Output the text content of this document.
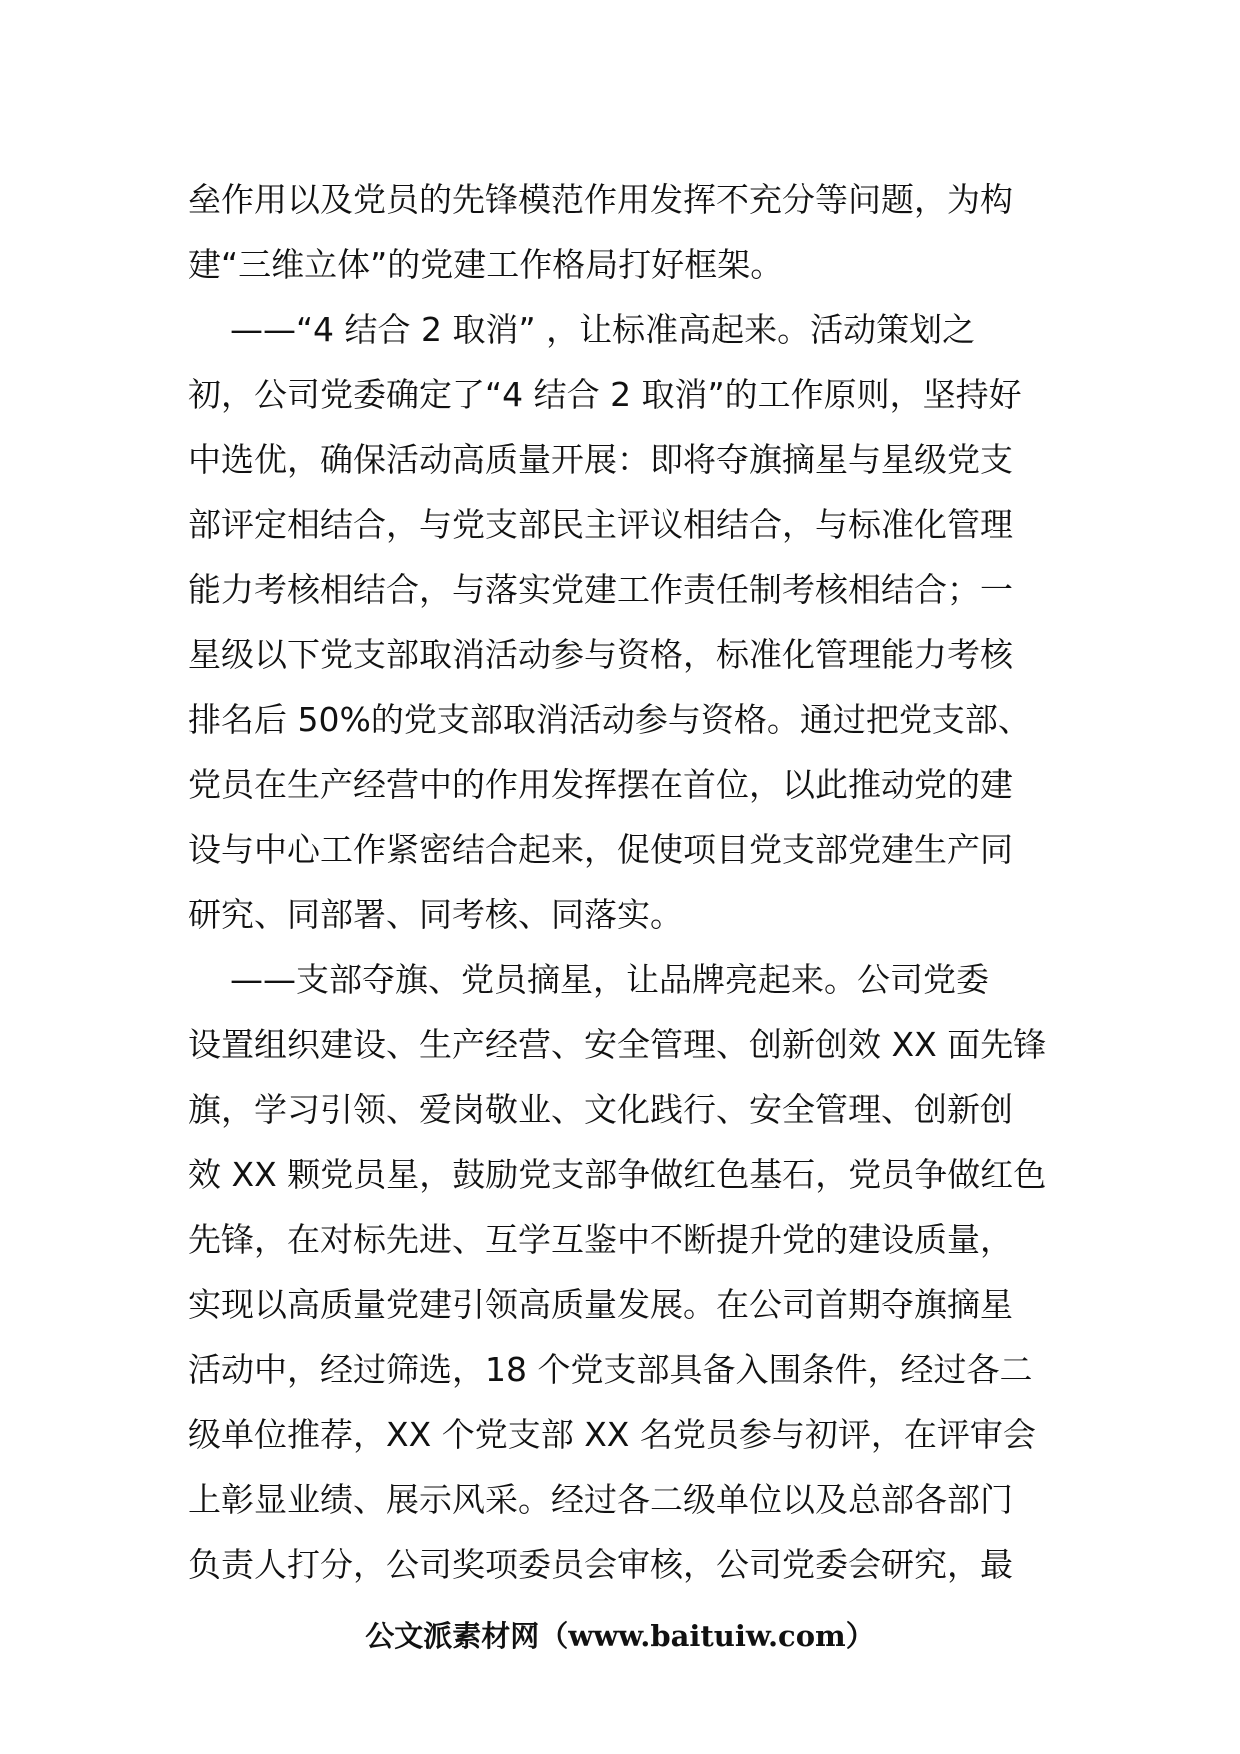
垒作用以及党员的先锋模范作用发挥不充分等问题，为构
建“三维立体”的党建工作格局打好框架。
——“4 结合 2 取消” ，让标准高起来。活动策划之
初，公司党委确定了“4 结合 2 取消”的工作原则，坚持好
中选优，确保活动高质量开展：即将夺旗摘星与星级党支
部评定相结合，与党支部民主评议相结合，与标准化管理
能力考核相结合，与落实党建工作责任制考核相结合；一
星级以下党支部取消活动参与资格，标准化管理能力考核
排名后 50%的党支部取消活动参与资格。通过把党支部、
党员在生产经营中的作用发挥摆在首位，以此推动党的建
设与中心工作紧密结合起来，促使项目党支部党建生产同
研究、同部署、同考核、同落实。
——支部夺旗、党员摘星，让品牌亮起来。公司党委
设置组织建设、生产经营、安全管理、创新创效 XX 面先锋
旗，学习引领、爱岗敬业、文化践行、安全管理、创新创
效 XX 颗党员星，鼓励党支部争做红色基石，党员争做红色
先锋，在对标先进、互学互鉴中不断提升党的建设质量，
实现以高质量党建引领高质量发展。在公司首期夺旗摘星
活动中，经过筛选，18 个党支部具备入围条件，经过各二
级单位推荐，XX 个党支部 XX 名党员参与初评，在评审会
上彰显业绩、展示风采。经过各二级单位以及总部各部门
负责人打分，公司奖项委员会审核，公司党委会研究，最
公文派素材网（www.baituiw.com）
